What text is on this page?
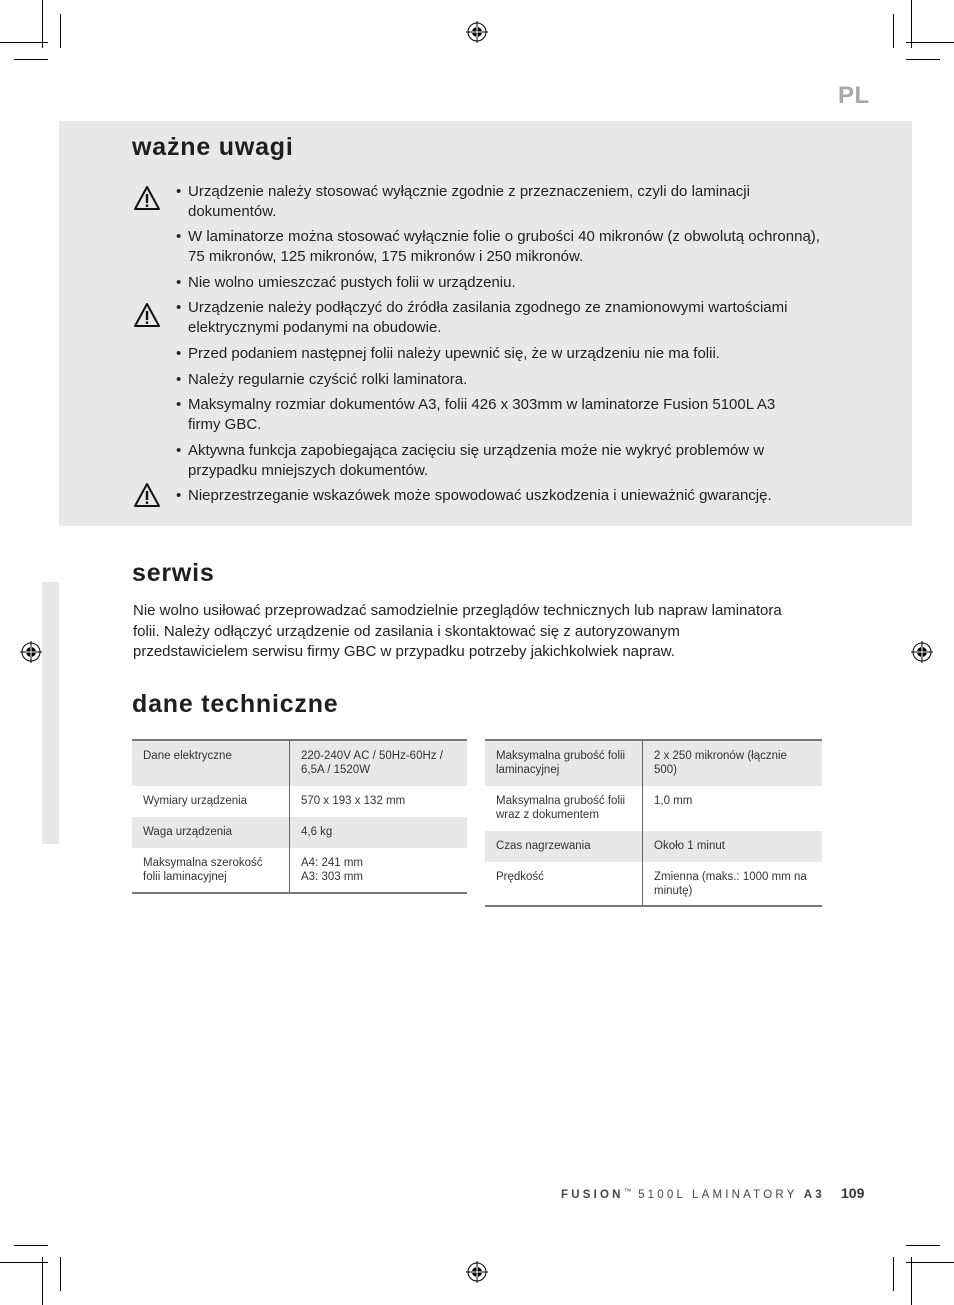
PL
ważne uwagi
• Urządzenie należy stosować wyłącznie zgodnie z przeznaczeniem, czyli do laminacji dokumentów.
• W laminatorze można stosować wyłącznie folie o grubości 40 mikronów (z obwolutą ochronną), 75 mikronów, 125 mikronów, 175 mikronów i 250 mikronów.
• Nie wolno umieszczać pustych folii w urządzeniu.
• Urządzenie należy podłączyć do źródła zasilania zgodnego ze znamionowymi wartościami elektrycznymi podanymi na obudowie.
• Przed podaniem następnej folii należy upewnić się, że w urządzeniu nie ma folii.
• Należy regularnie czyścić rolki laminatora.
• Maksymalny rozmiar dokumentów A3, folii 426 x 303mm w laminatorze Fusion 5100L A3 firmy GBC.
• Aktywna funkcja zapobiegająca zacięciu się urządzenia może nie wykryć problemów w przypadku mniejszych dokumentów.
• Nieprzestrzeganie wskazówek może spowodować uszkodzenia i unieważnić gwarancję.
serwis
Nie wolno usiłować przeprowadzać samodzielnie przeglądów technicznych lub napraw laminatora folii. Należy odłączyć urządzenie od zasilania i skontaktować się z autoryzowanym przedstawicielem serwisu firmy GBC w przypadku potrzeby jakichkolwiek napraw.
dane techniczne
Dane elektryczne	220-240V AC / 50Hz-60Hz / 6,5A / 1520W
Wymiary urządzenia	570 x 193 x 132 mm
Waga urządzenia	4,6 kg
Maksymalna szerokość folii laminacyjnej	A4: 241 mm
A3: 303 mm
Maksymalna grubość folii laminacyjnej	2 x 250 mikronów (łącznie 500)
Maksymalna grubość folii wraz z dokumentem	1,0 mm
Czas nagrzewania	Około 1 minut
Prędkość	Zmienna (maks.: 1000 mm na minutę)
FUSION™ 5100L LAMINATORY A3 109
